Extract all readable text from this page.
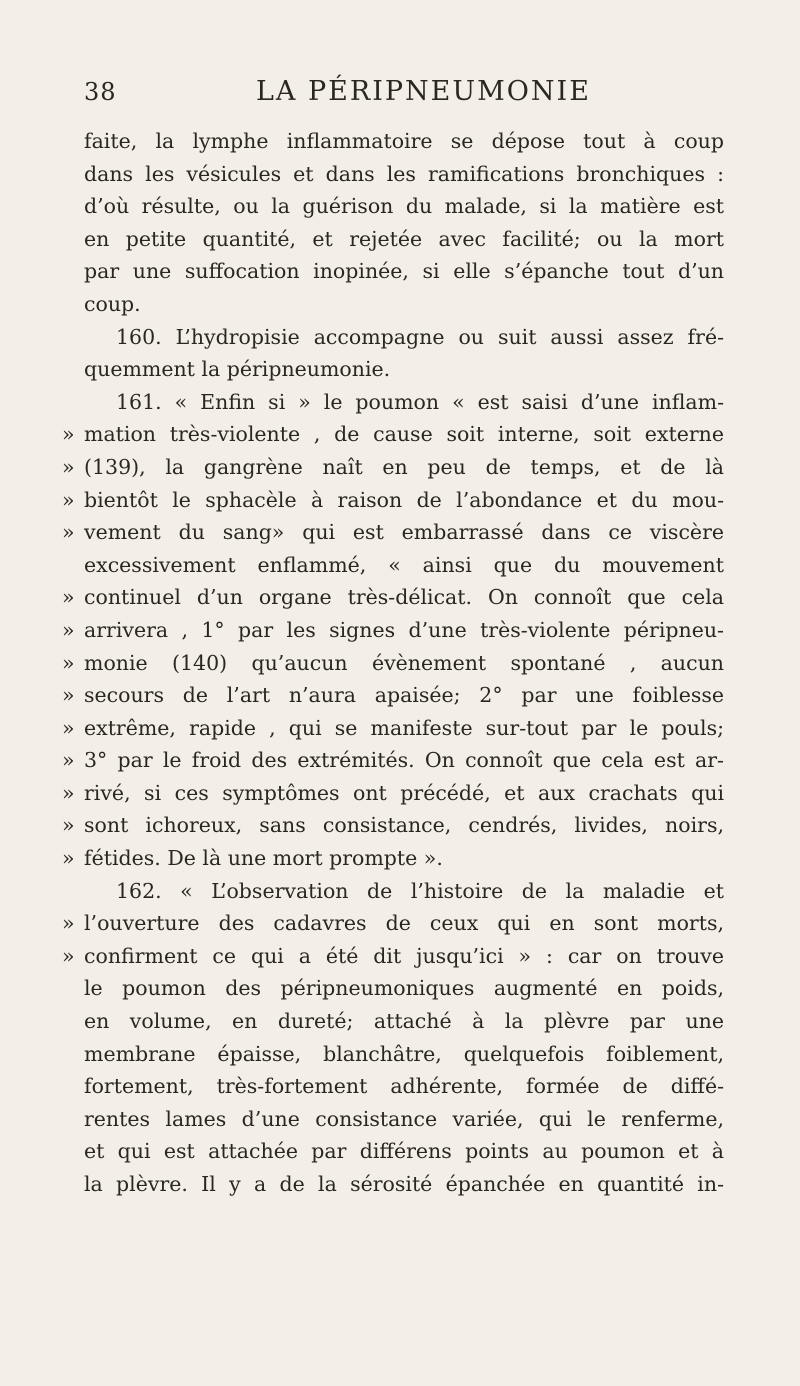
38	LA PÉRIPNEUMONIE
faite, la lymphe inflammatoire se dépose tout à coup
dans les vésicules et dans les ramifications bronchiques :
d’où résulte, ou la guérison du malade, si la matière est
en petite quantité, et rejetée avec facilité; ou la mort
par une suffocation inopinée, si elle s’épanche tout d’un
coup.
160. L’hydropisie accompagne ou suit aussi assez fré-
quemment la péripneumonie.
161. « Enfin si » le poumon « est saisi d’une inflam-
» mation très-violente , de cause soit interne, soit externe
» (139), la gangrène naît en peu de temps, et de là
» bientôt le sphacèle à raison de l’abondance et du mou-
» vement du sang» qui est embarrassé dans ce viscère
excessivement enflammé, « ainsi que du mouvement
» continuel d’un organe très-délicat. On connoît que cela
» arrivera , 1° par les signes d’une très-violente péripneu-
» monie (140) qu’aucun évènement spontané , aucun
» secours de l’art n’aura apaisée; 2° par une foiblesse
» extrême, rapide , qui se manifeste sur-tout par le pouls;
» 3° par le froid des extrémités. On connoît que cela est ar-
» rivé, si ces symptômes ont précédé, et aux crachats qui
» sont ichoreux, sans consistance, cendrés, livides, noirs,
» fétides. De là une mort prompte ».
162. « L’observation de l’histoire de la maladie et
» l’ouverture des cadavres de ceux qui en sont morts,
» confirment ce qui a été dit jusqu’ici » : car on trouve
le poumon des péripneumoniques augmenté en poids,
en volume, en dureté; attaché à la plèvre par une
membrane épaisse, blanchâtre, quelquefois foiblement,
fortement, très-fortement adhérente, formée de diffé-
rentes lames d’une consistance variée, qui le renferme,
et qui est attachée par différens points au poumon et à
la plèvre. Il y a de la sérosité épanchée en quantité in-
